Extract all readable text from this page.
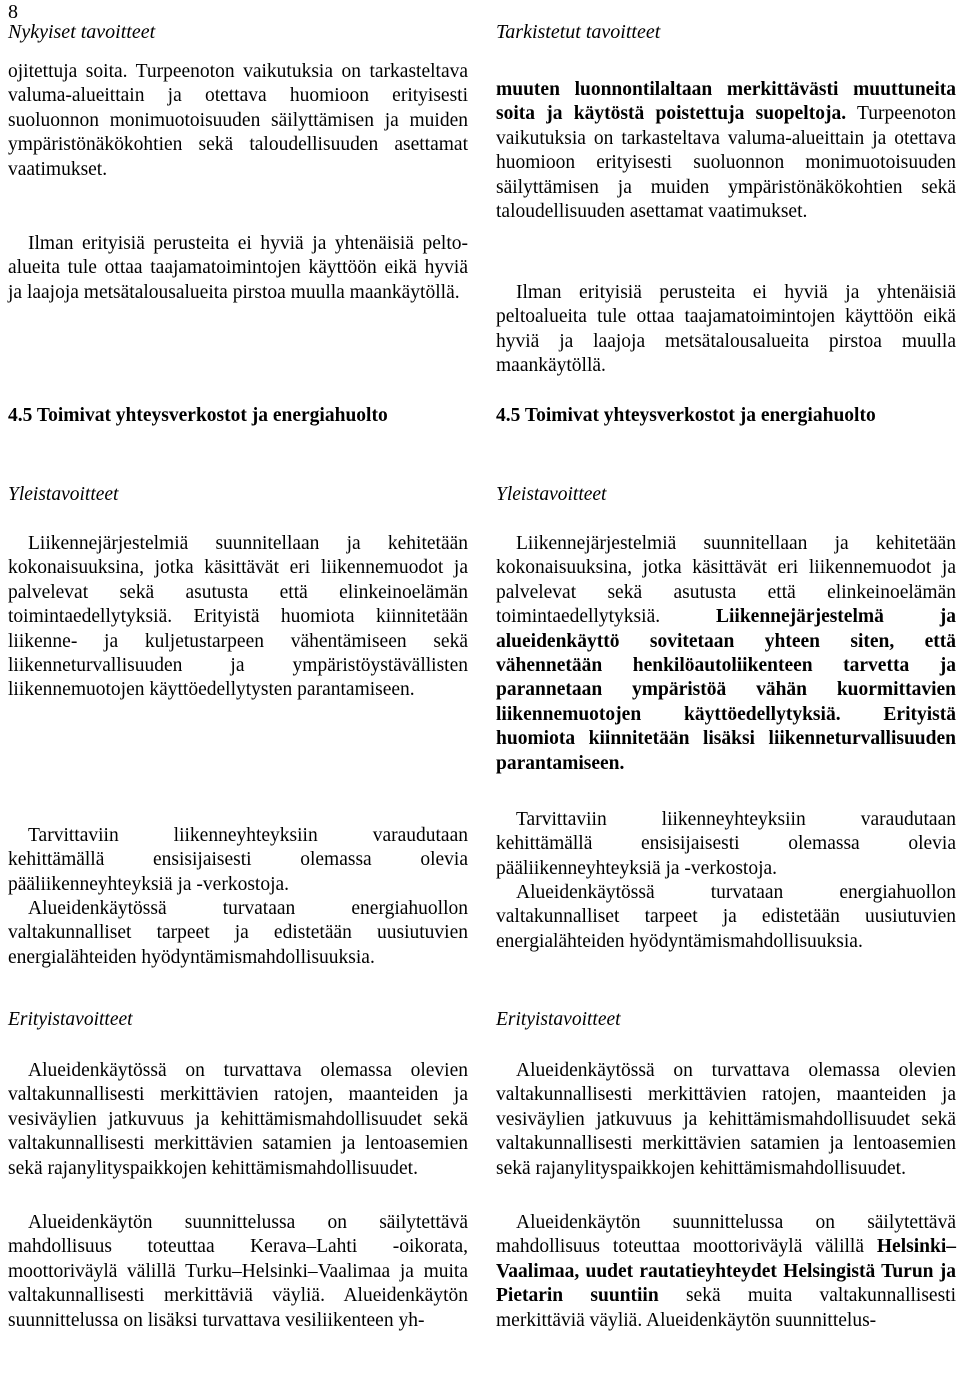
8
Nykyiset tavoitteet

ojitettuja soita. Turpeenoton vaikutuksia on tarkasteltava valuma-alueittain ja otettava huomioon erityisesti suoluonnon monimuotoisuuden säilyttämisen ja muiden ympäristönäkökohtien sekä taloudellisuuden asettamat vaatimukset.

Ilman erityisiä perusteita ei hyviä ja yhtenäisiä pelto-alueita tule ottaa taajamatoimintojen käyttöön eikä hyviä ja laajoja metsätalousalueita pirstoa muulla maankäytöllä.

4.5 Toimivat yhteysverkostot ja energiahuolto
Yleistavoitteet

Liikennejärjestelmiä suunnitellaan ja kehitetään kokonaisuuksina, jotka käsittävät eri liikennemuodot ja palvelevat sekä asutusta että elinkeinoelämän toimintaedellytyksiä. Erityistä huomiota kiinnitetään liikenne- ja kuljetustarpeen vähentämiseen sekä liikenneturvallisuuden ja ympäristöystävällisten liikennemuotojen käyttöedellytysten parantamiseen.

Tarvittaviin liikenneyhteyksiin varaudutaan kehittämällä ensisijaisesti olemassa olevia pääliikenneyhteyksiä ja -verkostoja.

Alueidenkäytössä turvataan energiahuollon valtakunnalliset tarpeet ja edistetään uusiutuvien energialähteiden hyödyntämismahdollisuuksia.

Erityistavoitteet

Alueidenkäytössä on turvattava olemassa olevien valtakunnallisesti merkittävien ratojen, maanteiden ja vesiväylien jatkuvuus ja kehittämismahdollisuudet sekä valtakunnallisesti merkittävien satamien ja lentoasemien sekä rajanylityspaikkojen kehittämismahdollisuudet.

Alueidenkäytön suunnittelussa on säilytettävä mahdollisuus toteuttaa Kerava–Lahti -oikorata, moottoriväylä välillä Turku–Helsinki–Vaalimaa ja muita valtakunnallisesti merkittäviä väyliä. Alueidenkäytön suunnittelussa on lisäksi turvattava vesiliikenteen yh-

Tarkistetut tavoitteet

muuten luonnontilaltaan merkittävästi muuttuneita soita ja käytöstä poistettuja suopeltoja. Turpeenoton vaikutuksia on tarkasteltava valuma-alueittain ja otettava huomioon erityisesti suoluonnon monimuotoisuuden säilyttämisen ja muiden ympäristönäkökohtien sekä taloudellisuuden asettamat vaatimukset.

Ilman erityisiä perusteita ei hyviä ja yhtenäisiä peltoalueita tule ottaa taajamatoimintojen käyttöön eikä hyviä ja laajoja metsätalousalueita pirstoa muulla maankäytöllä.

4.5 Toimivat yhteysverkostot ja energiahuolto
Yleistavoitteet

Liikennejärjestelmiä suunnitellaan ja kehitetään kokonaisuuksina, jotka käsittävät eri liikennemuodot ja palvelevat sekä asutusta että elinkeinoelämän toimintaedellytyksiä. Liikennejärjestelmä ja alueidenkäyttö sovitetaan yhteen siten, että vähennetään henkilöautoliikenteen tarvetta ja parannetaan ympäristöä vähän kuormittavien liikennemuotojen käyttöedellytyksiä. Erityistä huomiota kiinnitetään lisäksi liikenneturvallisuuden parantamiseen.

Tarvittaviin liikenneyhteyksiin varaudutaan kehittämällä ensisijaisesti olemassa olevia pääliikenneyhteyksiä ja -verkostoja.

Alueidenkäytössä turvataan energiahuollon valtakunnalliset tarpeet ja edistetään uusiutuvien energialähteiden hyödyntämismahdollisuuksia.

Erityistavoitteet

Alueidenkäytössä on turvattava olemassa olevien valtakunnallisesti merkittävien ratojen, maanteiden ja vesiväylien jatkuvuus ja kehittämismahdollisuudet sekä valtakunnallisesti merkittävien satamien ja lentoasemien sekä rajanylityspaikkojen kehittämismahdollisuudet.

Alueidenkäytön suunnittelussa on säilytettävä mahdollisuus toteuttaa moottoriväylä välillä Helsinki–Vaalimaa, uudet rautatieyhteydet Helsingistä Turun ja Pietarin suuntiin sekä muita valtakunnallisesti merkittäviä väyliä. Alueidenkäytön suunnittelus-
